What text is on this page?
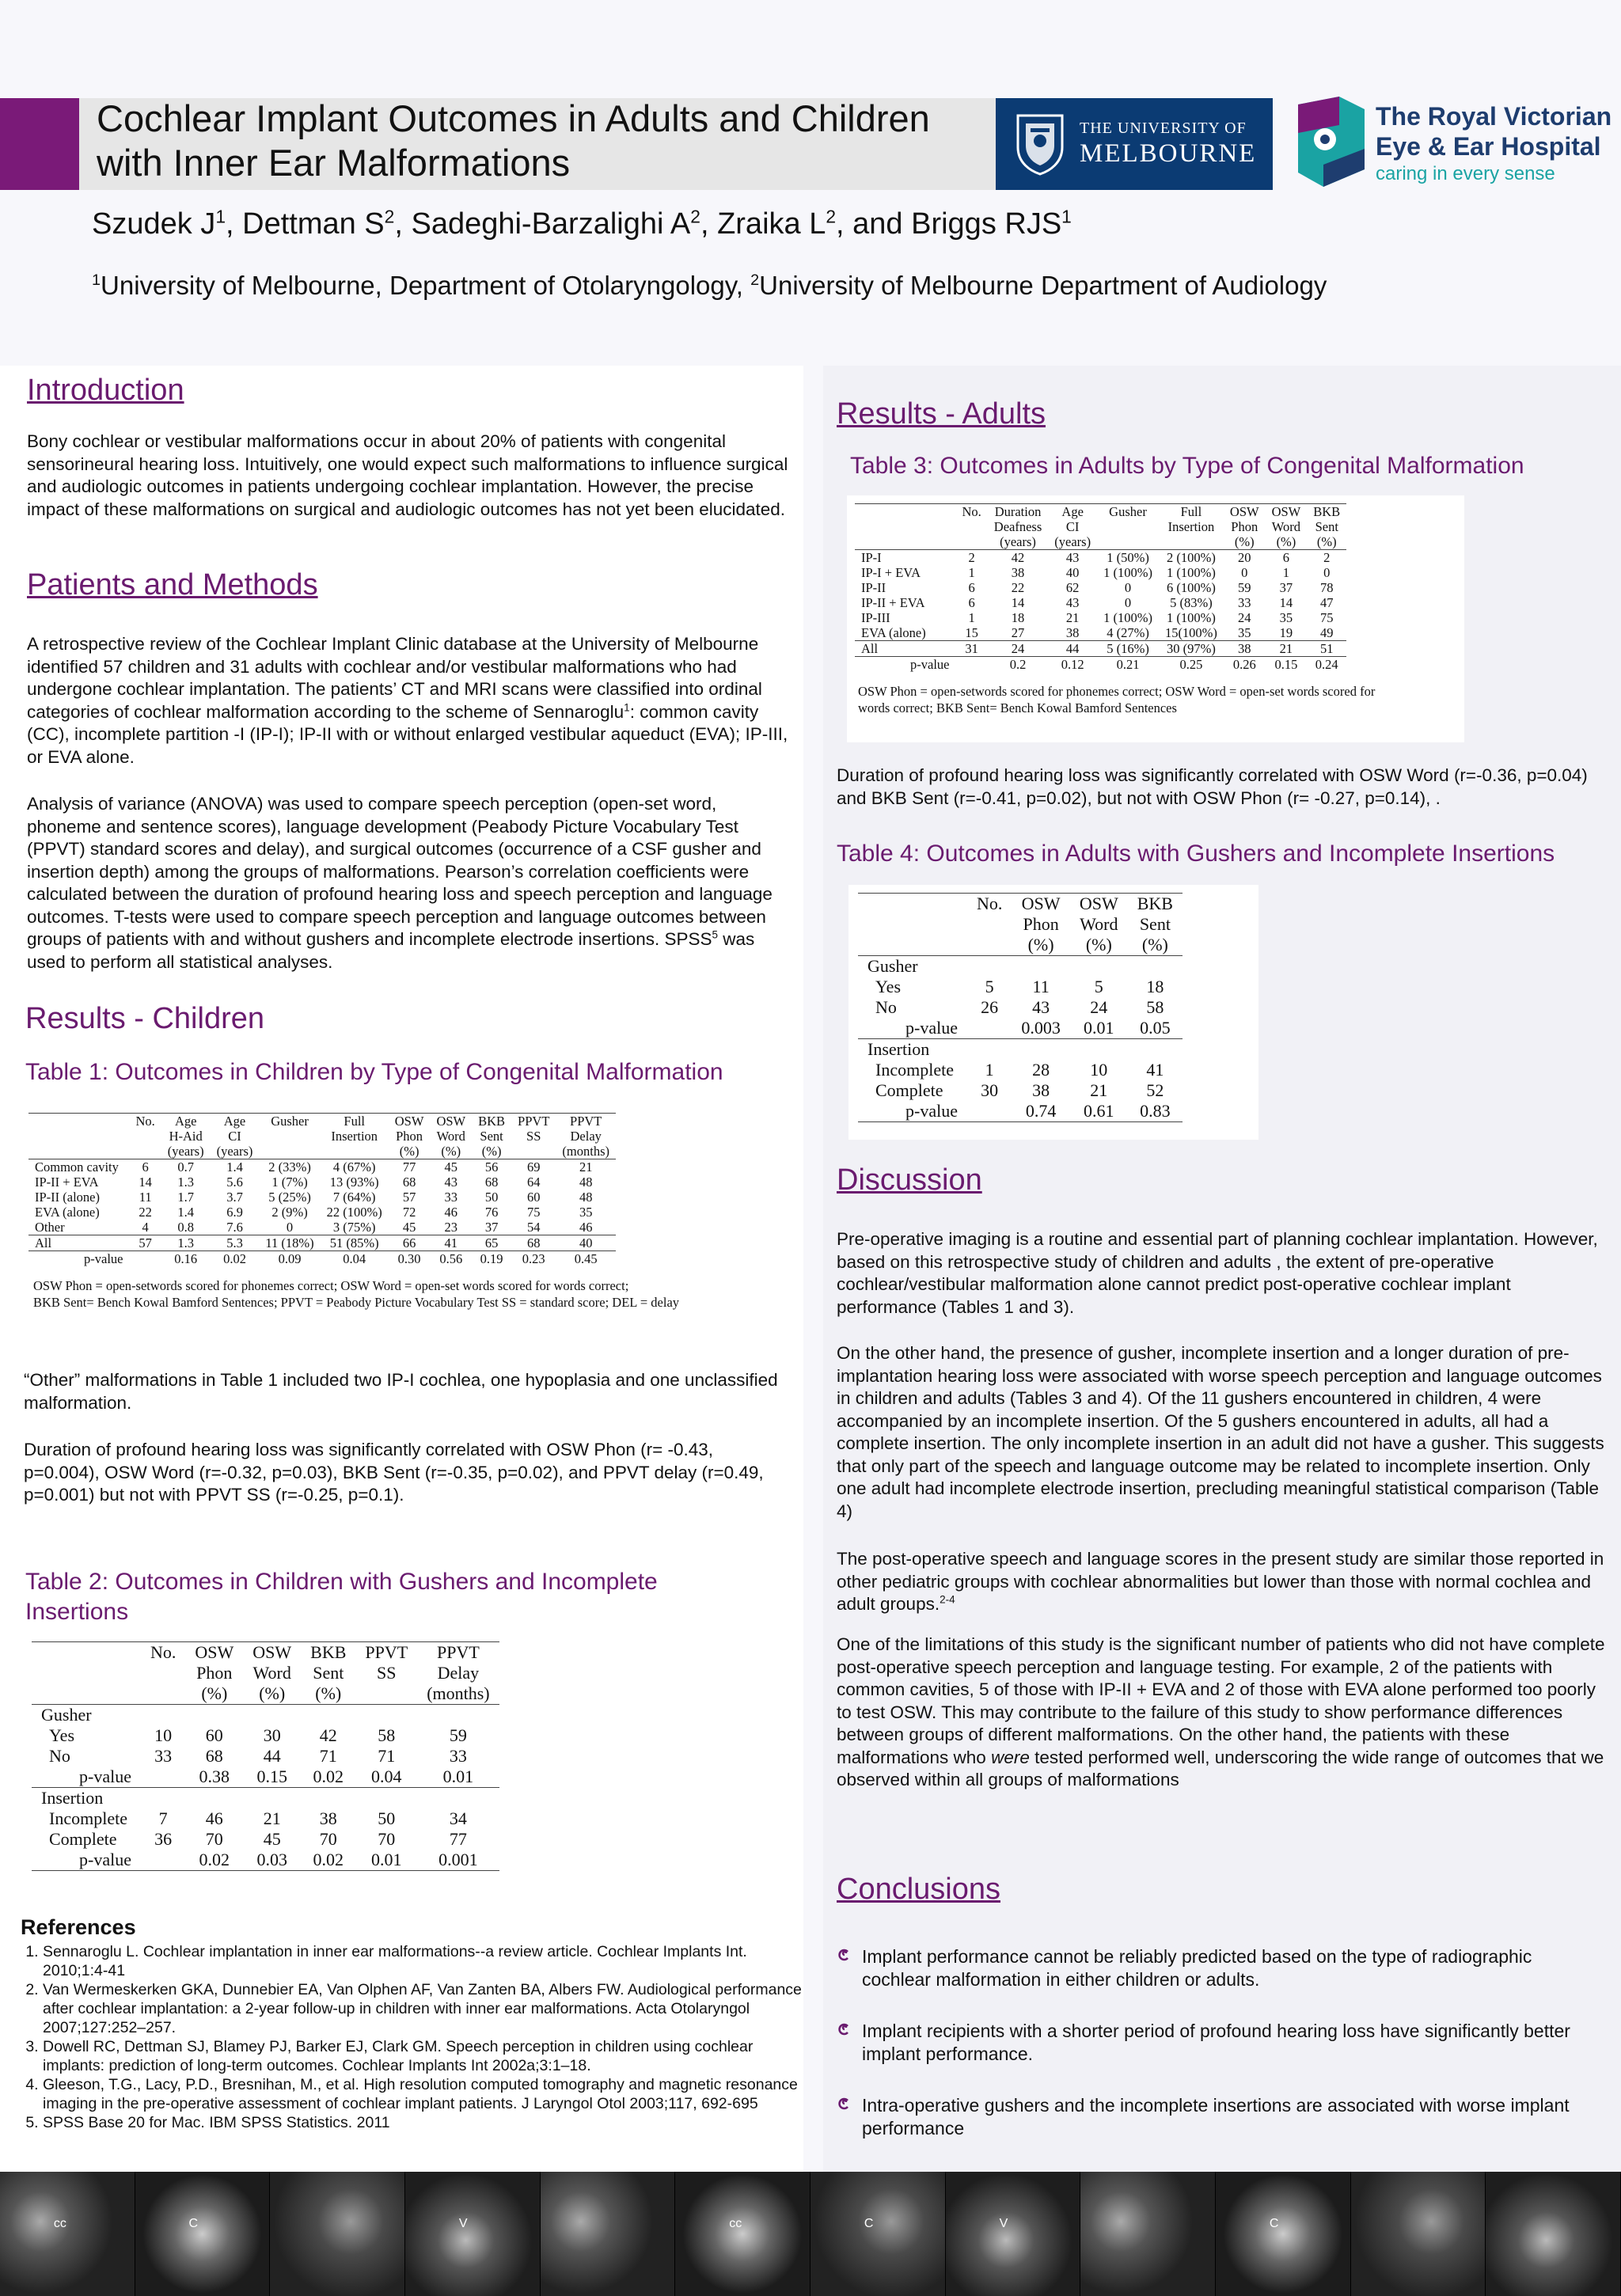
Cochlear Implant Outcomes in Adults and Children
with Inner Ear Malformations
THE UNIVERSITY OF
MELBOURNE
The Royal Victorian
Eye & Ear Hospital
caring in every sense
Szudek $J^1$, Dettman $S^2$, Sadeghi-Barzalighi $A^2$, Zraika $L^2$, and Briggs RJS$^1$
$^1$University of Melbourne, Department of Otolaryngology, $^2$University of Melbourne Department of Audiology
Introduction
Bony cochlear or vestibular malformations occur in about 20% of patients with congenital sensorineural hearing loss. Intuitively, one would expect such malformations to influence surgical and audiologic outcomes in patients undergoing cochlear implantation. However, the precise impact of these malformations on surgical and audiologic outcomes has not yet been elucidated.
Patients and Methods
A retrospective review of the Cochlear Implant Clinic database at the University of Melbourne identified 57 children and 31 adults with cochlear and/or vestibular malformations who had undergone cochlear implantation. The patients’ CT and MRI scans were classified into ordinal categories of cochlear malformation according to the scheme of Sennaroglu$^1$: common cavity (CC), incomplete partition -I (IP-I); IP-II with or without enlarged vestibular aqueduct (EVA); IP-III, or EVA alone.
Analysis of variance (ANOVA) was used to compare speech perception (open-set word, phoneme and sentence scores), language development (Peabody Picture Vocabulary Test (PPVT) standard scores and delay), and surgical outcomes (occurrence of a CSF gusher and insertion depth) among the groups of malformations. Pearson’s correlation coefficients were calculated between the duration of profound hearing loss and speech perception and language outcomes. T-tests were used to compare speech perception and language outcomes between groups of patients with and without gushers and incomplete electrode insertions. SPSS$^5$ was used to perform all statistical analyses.
Results - Children
Table 1: Outcomes in Children by Type of Congenital Malformation
	No.	Age	Age	Gusher	Full	OSW	OSW	BKB	PPVT	PPVT
		H-Aid	CI		Insertion	Phon	Word	Sent	SS	Delay
		(years)	(years)			(%)	(%)	(%)		(months)
Common cavity	6	0.7	1.4	2 (33%)	4 (67%)	77	45	56	69	21
IP-II + EVA	14	1.3	5.6	1 (7%)	13 (93%)	68	43	68	64	48
IP-II (alone)	11	1.7	3.7	5 (25%)	7 (64%)	57	33	50	60	48
EVA (alone)	22	1.4	6.9	2 (9%)	22 (100%)	72	46	76	75	35
Other	4	0.8	7.6	0	3 (75%)	45	23	37	54	46
All	57	1.3	5.3	11 (18%)	51 (85%)	66	41	65	68	40
p-value		0.16	0.02	0.09	0.04	0.30	0.56	0.19	0.23	0.45
OSW Phon = open-setwords scored for phonemes correct; OSW Word = open-set words scored for words correct;
BKB Sent= Bench Kowal Bamford Sentences; PPVT = Peabody Picture Vocabulary Test SS = standard score; DEL = delay
“Other” malformations in Table 1 included two IP-I cochlea, one hypoplasia and one unclassified malformation.
Duration of profound hearing loss was significantly correlated with OSW Phon (r= -0.43, p=0.004), OSW Word (r=-0.32, p=0.03), BKB Sent (r=-0.35, p=0.02), and PPVT delay (r=0.49, p=0.001) but not with PPVT SS (r=-0.25, p=0.1).
Table 2: Outcomes in Children with Gushers and Incomplete
Insertions
	No.	OSW	OSW	BKB	PPVT	PPVT
		Phon	Word	Sent	SS	Delay
		(%)	(%)	(%)		(months)
Gusher						
Yes	10	60	30	42	58	59
No	33	68	44	71	71	33
p-value		0.38	0.15	0.02	0.04	0.01
Insertion						
Incomplete	7	46	21	38	50	34
Complete	36	70	45	70	70	77
p-value		0.02	0.03	0.02	0.01	0.001
References
1. Sennaroglu L. Cochlear implantation in inner ear malformations--a review article. Cochlear Implants Int. 2010;1:4-41
2. Van Wermeskerken GKA, Dunnebier EA, Van Olphen AF, Van Zanten BA, Albers FW. Audiological performance after cochlear implantation: a 2-year follow-up in children with inner ear malformations. Acta Otolaryngol 2007;127:252–257.
3. Dowell RC, Dettman SJ, Blamey PJ, Barker EJ, Clark GM. Speech perception in children using cochlear implants: prediction of long-term outcomes. Cochlear Implants Int 2002a;3:1–18.
4. Gleeson, T.G., Lacy, P.D., Bresnihan, M., et al. High resolution computed tomography and magnetic resonance imaging in the pre-operative assessment of cochlear implant patients. J Laryngol Otol 2003;117, 692-695
5. SPSS Base 20 for Mac. IBM SPSS Statistics. 2011
Results - Adults
Table 3: Outcomes in Adults by Type of Congenital Malformation
	No.	Duration	Age	Gusher	Full	OSW	OSW	BKB
		Deafness	CI		Insertion	Phon	Word	Sent
		(years)	(years)			(%)	(%)	(%)
IP-I	2	42	43	1 (50%)	2 (100%)	20	6	2
IP-I + EVA	1	38	40	1 (100%)	1 (100%)	0	1	0
IP-II	6	22	62	0	6 (100%)	59	37	78
IP-II + EVA	6	14	43	0	5 (83%)	33	14	47
IP-III	1	18	21	1 (100%)	1 (100%)	24	35	75
EVA (alone)	15	27	38	4 (27%)	15(100%)	35	19	49
All	31	24	44	5 (16%)	30 (97%)	38	21	51
p-value		0.2	0.12	0.21	0.25	0.26	0.15	0.24
OSW Phon = open-setwords scored for phonemes correct; OSW Word = open-set words scored for
words correct; BKB Sent= Bench Kowal Bamford Sentences
Duration of profound hearing loss was significantly correlated with OSW Word (r=-0.36, p=0.04) and BKB Sent (r=-0.41, p=0.02), but not with OSW Phon (r= -0.27, p=0.14), .
Table 4: Outcomes in Adults with Gushers and Incomplete Insertions
	No.	OSW	OSW	BKB
		Phon	Word	Sent
		(%)	(%)	(%)
Gusher				
Yes	5	11	5	18
No	26	43	24	58
p-value		0.003	0.01	0.05
Insertion				
Incomplete	1	28	10	41
Complete	30	38	21	52
p-value		0.74	0.61	0.83
Discussion
Pre-operative imaging is a routine and essential part of planning cochlear implantation. However, based on this retrospective study of children and adults , the extent of pre-operative cochlear/vestibular malformation alone cannot predict post-operative cochlear implant performance (Tables 1 and 3).
On the other hand, the presence of gusher, incomplete insertion and a longer duration of pre-implantation hearing loss were associated with worse speech perception and language outcomes in children and adults (Tables 3 and 4). Of the 11 gushers encountered in children, 4 were accompanied by an incomplete insertion. Of the 5 gushers encountered in adults, all had a complete insertion. The only incomplete insertion in an adult did not have a gusher. This suggests that only part of the speech and language outcome may be related to incomplete insertion. Only one adult had incomplete electrode insertion, precluding meaningful statistical comparison (Table 4)
The post-operative speech and language scores in the present study are similar those reported in other pediatric groups with cochlear abnormalities but lower than those with normal cochlea and adult groups.$^{2-4}$
One of the limitations of this study is the significant number of patients who did not have complete post-operative speech perception and language testing. For example, 2 of the patients with common cavities, 5 of those with IP-II + EVA and 2 of those with EVA alone performed too poorly to test OSW. This may contribute to the failure of this study to show performance differences between groups of different malformations. On the other hand, the patients with these malformations who were tested performed well, underscoring the wide range of outcomes that we observed within all groups of malformations
Conclusions
Implant performance cannot be reliably predicted based on the type of radiographic cochlear malformation in either children or adults.
Implant recipients with a shorter period of profound hearing loss have significantly better implant performance.
Intra-operative gushers and the incomplete insertions are associated with worse implant performance
cc	C	V	cc	C	V	C
